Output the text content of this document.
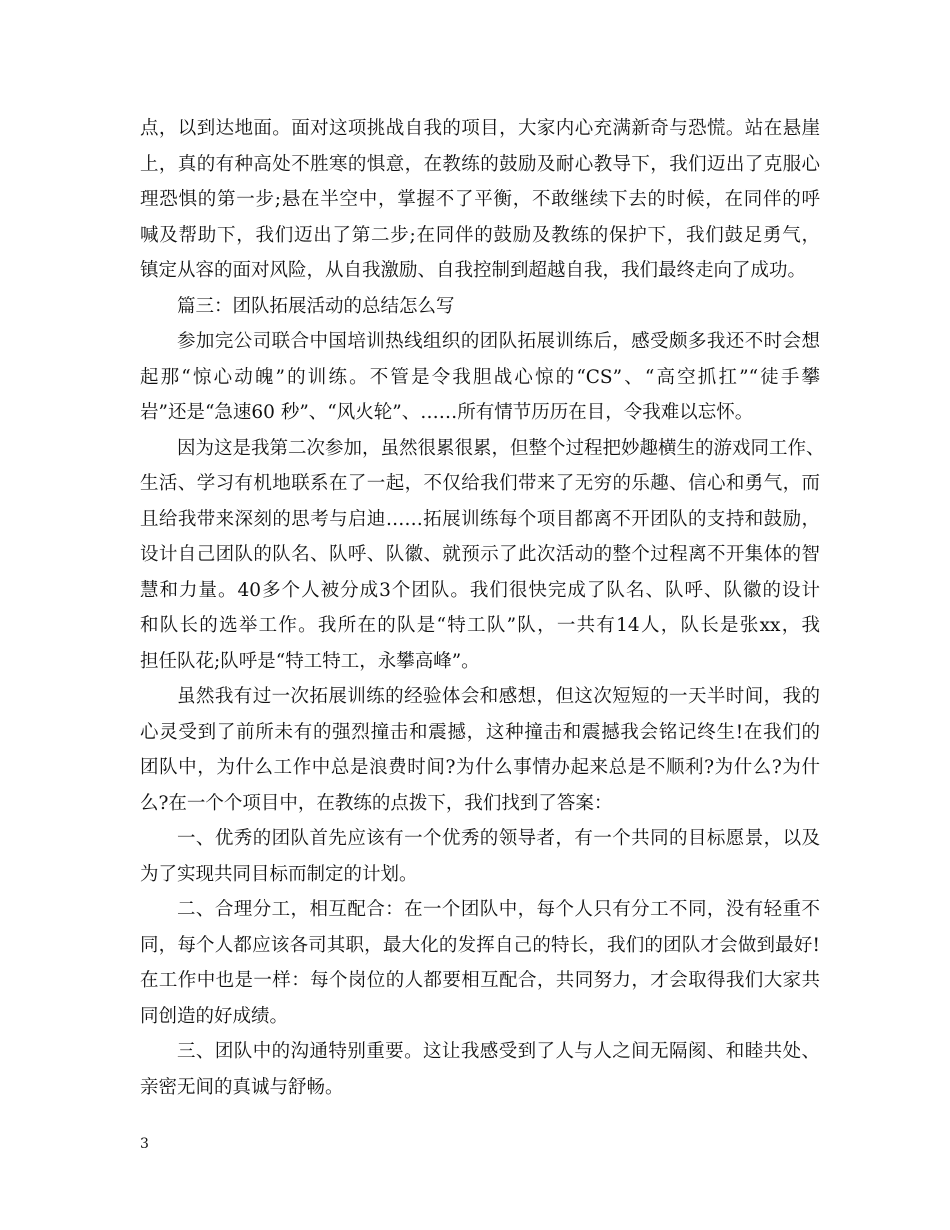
点，以到达地面。面对这项挑战自我的项目，大家内心充满新奇与恐慌。站在悬崖
上，真的有种高处不胜寒的惧意，在教练的鼓励及耐心教导下，我们迈出了克服心
理恐惧的第一步;悬在半空中，掌握不了平衡，不敢继续下去的时候，在同伴的呼
喊及帮助下，我们迈出了第二步;在同伴的鼓励及教练的保护下，我们鼓足勇气，
镇定从容的面对风险，从自我激励、自我控制到超越自我，我们最终走向了成功。
篇三：团队拓展活动的总结怎么写
参加完公司联合中国培训热线组织的团队拓展训练后，感受颇多我还不时会想
起那“惊心动魄”的训练。不管是令我胆战心惊的“CS”、“高空抓扛”“徒手攀
岩”还是“急速60 秒”、“风火轮”、……所有情节历历在目，令我难以忘怀。
因为这是我第二次参加，虽然很累很累，但整个过程把妙趣横生的游戏同工作、
生活、学习有机地联系在了一起，不仅给我们带来了无穷的乐趣、信心和勇气，而
且给我带来深刻的思考与启迪……拓展训练每个项目都离不开团队的支持和鼓励，
设计自己团队的队名、队呼、队徽、就预示了此次活动的整个过程离不开集体的智
慧和力量。40多个人被分成3个团队。我们很快完成了队名、队呼、队徽的设计
和队长的选举工作。我所在的队是“特工队”队，一共有14人，队长是张xx，我
担任队花;队呼是“特工特工，永攀高峰”。
虽然我有过一次拓展训练的经验体会和感想，但这次短短的一天半时间，我的
心灵受到了前所未有的强烈撞击和震撼，这种撞击和震撼我会铭记终生!在我们的
团队中，为什么工作中总是浪费时间?为什么事情办起来总是不顺利?为什么?为什
么?在一个个项目中，在教练的点拨下，我们找到了答案：
一、优秀的团队首先应该有一个优秀的领导者，有一个共同的目标愿景，以及
为了实现共同目标而制定的计划。
二、合理分工，相互配合：在一个团队中，每个人只有分工不同，没有轻重不
同，每个人都应该各司其职，最大化的发挥自己的特长，我们的团队才会做到最好!
在工作中也是一样：每个岗位的人都要相互配合，共同努力，才会取得我们大家共
同创造的好成绩。
三、团队中的沟通特别重要。这让我感受到了人与人之间无隔阂、和睦共处、
亲密无间的真诚与舒畅。
3
